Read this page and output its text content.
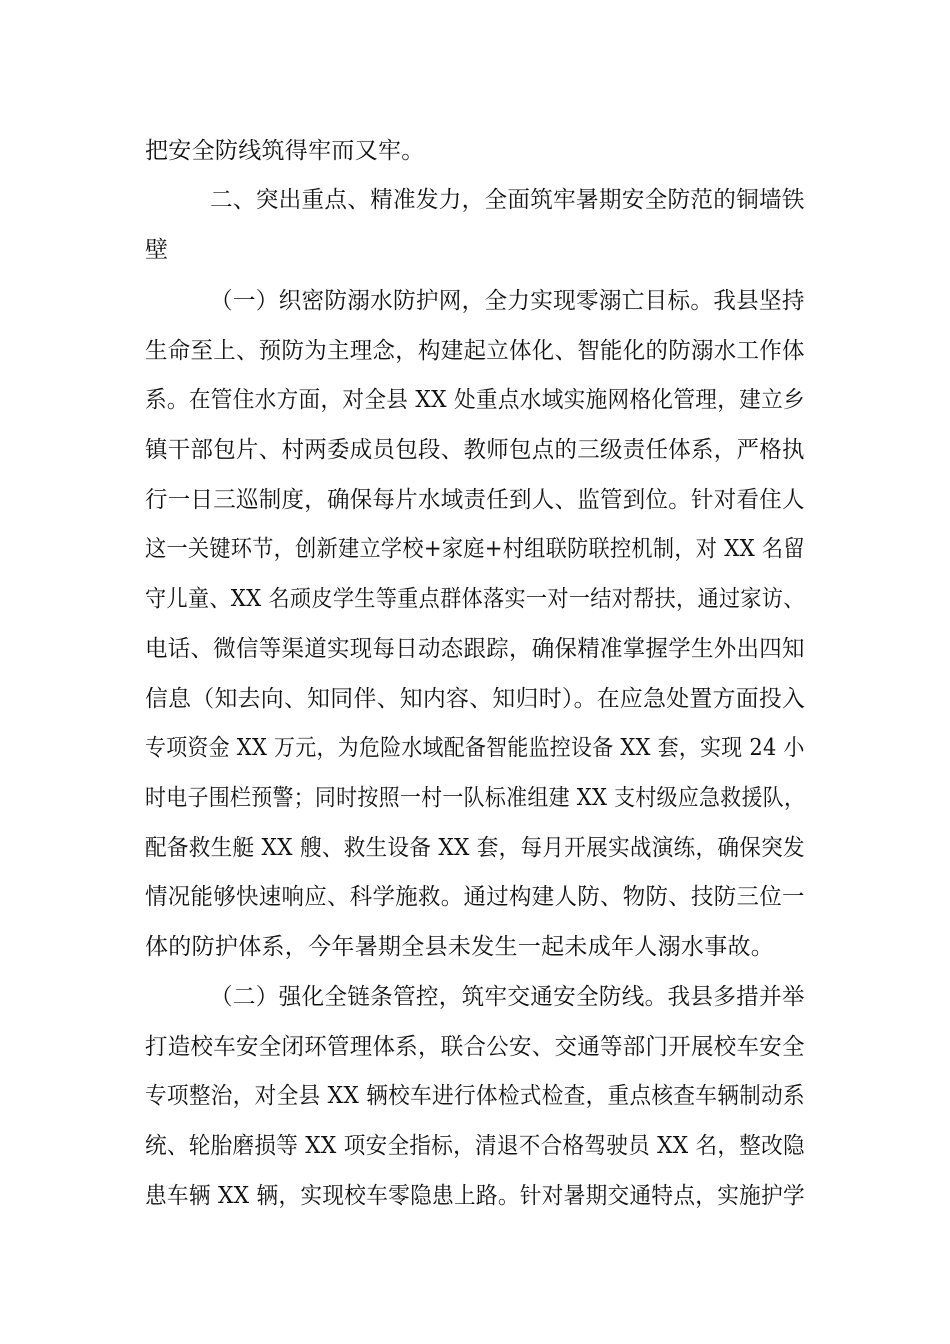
把安全防线筑得牢而又牢。
二、突出重点、精准发力，全面筑牢暑期安全防范的铜墙铁
壁
（一）织密防溺水防护网，全力实现零溺亡目标。我县坚持
生命至上、预防为主理念，构建起立体化、智能化的防溺水工作体
系。在管住水方面，对全县 XX 处重点水域实施网格化管理，建立乡
镇干部包片、村两委成员包段、教师包点的三级责任体系，严格执
行一日三巡制度，确保每片水域责任到人、监管到位。针对看住人
这一关键环节，创新建立学校+家庭+村组联防联控机制，对 XX 名留
守儿童、XX 名顽皮学生等重点群体落实一对一结对帮扶，通过家访、
电话、微信等渠道实现每日动态跟踪，确保精准掌握学生外出四知
信息（知去向、知同伴、知内容、知归时）。在应急处置方面投入
专项资金 XX 万元，为危险水域配备智能监控设备 XX 套，实现 24 小
时电子围栏预警；同时按照一村一队标准组建 XX 支村级应急救援队，
配备救生艇 XX 艘、救生设备 XX 套，每月开展实战演练，确保突发
情况能够快速响应、科学施救。通过构建人防、物防、技防三位一
体的防护体系，今年暑期全县未发生一起未成年人溺水事故。
（二）强化全链条管控，筑牢交通安全防线。我县多措并举
打造校车安全闭环管理体系，联合公安、交通等部门开展校车安全
专项整治，对全县 XX 辆校车进行体检式检查，重点核查车辆制动系
统、轮胎磨损等 XX 项安全指标，清退不合格驾驶员 XX 名，整改隐
患车辆 XX 辆，实现校车零隐患上路。针对暑期交通特点，实施护学
